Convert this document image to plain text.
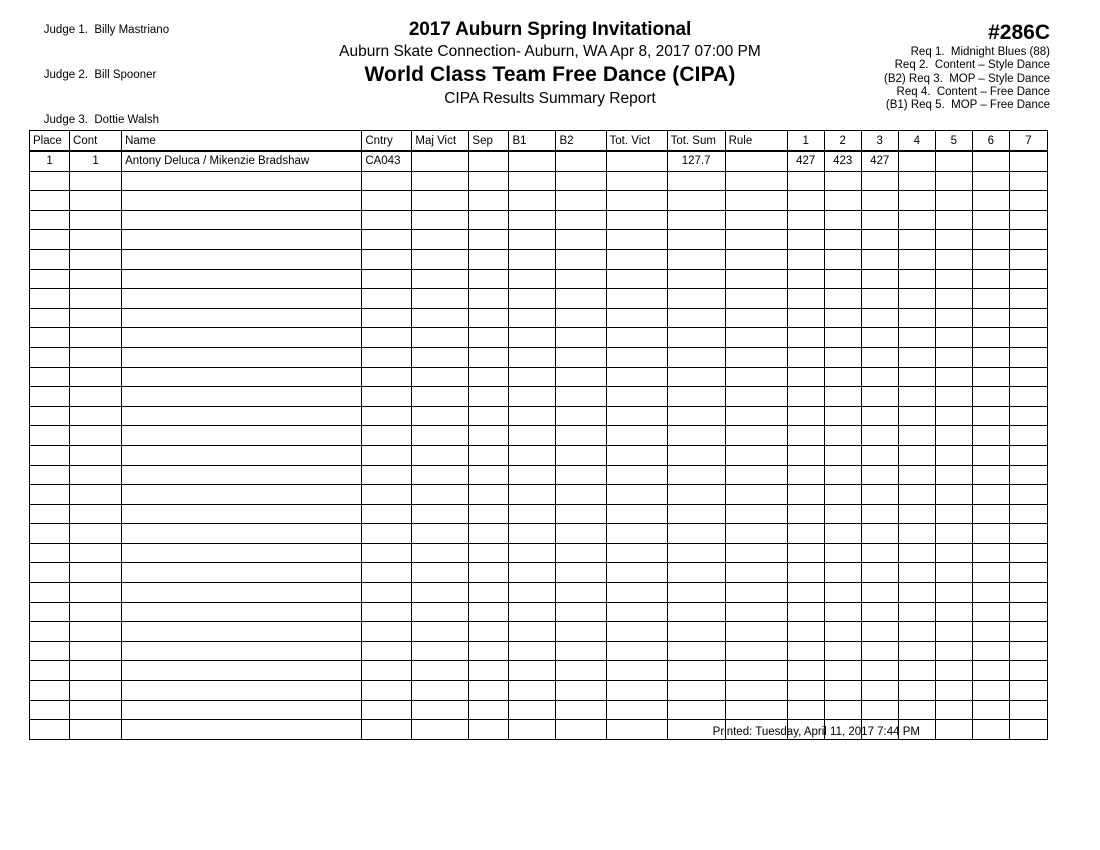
Judge 1. Billy Mastriano

Judge 2. Bill Spooner

Judge 3. Dottie Walsh

2017 Auburn Spring Invitational
Auburn Skate Connection- Auburn, WA Apr 8, 2017 07:00 PM
World Class Team Free Dance (CIPA)
CIPA Results Summary Report
#286C
Req 1. Midnight Blues (88)
Req 2. Content – Style Dance
(B2) Req 3. MOP – Style Dance
Req 4. Content – Free Dance
(B1) Req 5. MOP – Free Dance
Place	Cont	Name	Cntry	Maj Vict	Sep	B1	B2	Tot. Vict	Tot. Sum	Rule	1	2	3	4	5	6	7
1	1	Antony Deluca / Mikenzie Bradshaw	CA043						127.7		427	423	427				

Printed: Tuesday, April 11, 2017 7:44 PM
